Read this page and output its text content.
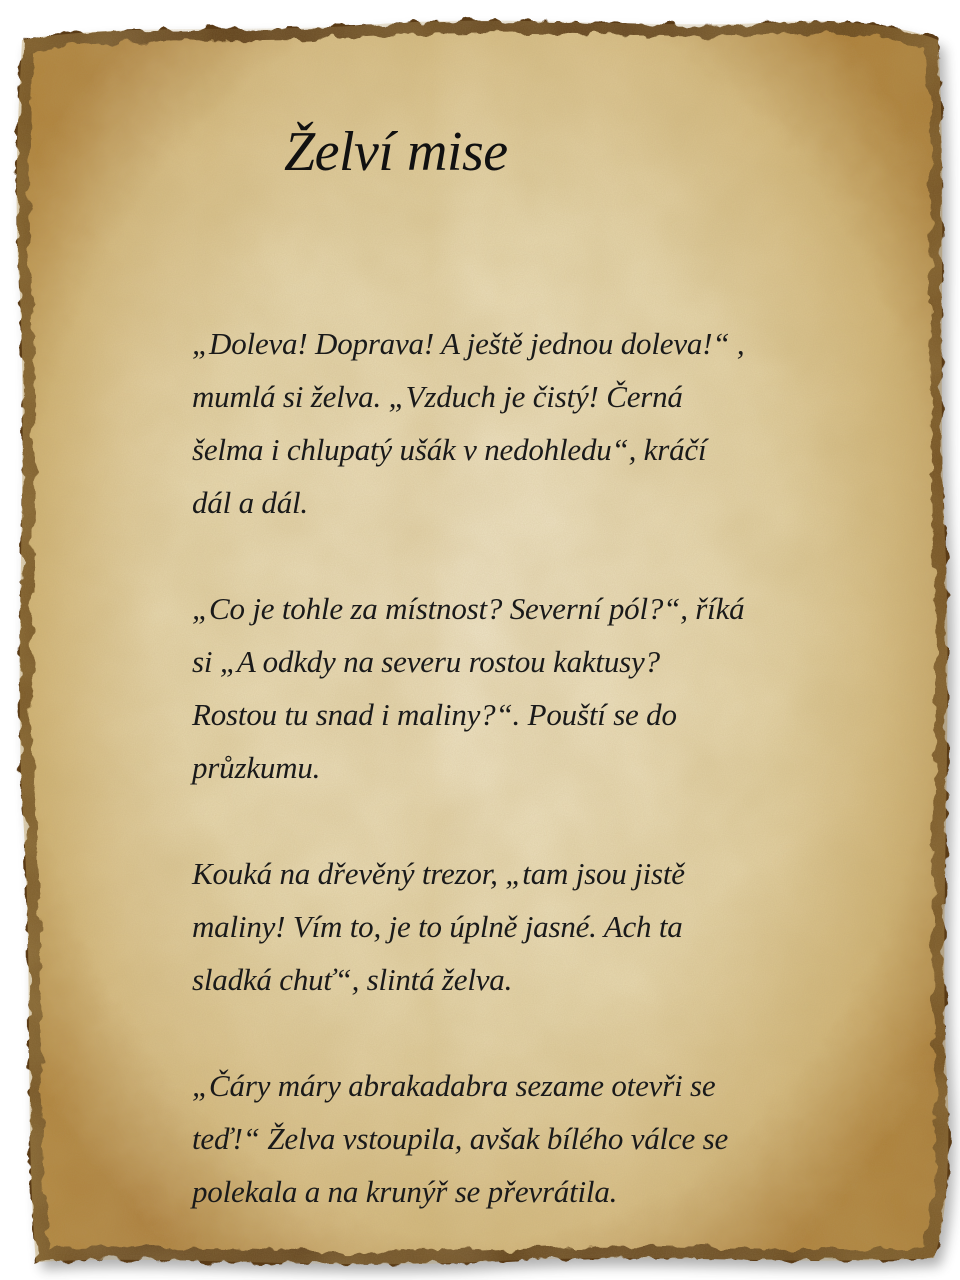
Želví mise

„Doleva! Doprava! A ještě jednou doleva!“ ,
mumlá si želva. „Vzduch je čistý! Černá
šelma i chlupatý ušák v nedohledu“, kráčí
dál a dál.

„Co je tohle za místnost? Severní pól?“, říká
si „A odkdy na severu rostou kaktusy?
Rostou tu snad i maliny?“. Pouští se do
průzkumu.

Kouká na dřevěný trezor, „tam jsou jistě
maliny! Vím to, je to úplně jasné. Ach ta
sladká chuť“, slintá želva.

„Čáry máry abrakadabra sezame otevři se
teď!“ Želva vstoupila, avšak bílého válce se
polekala a na krunýř se převrátila.
